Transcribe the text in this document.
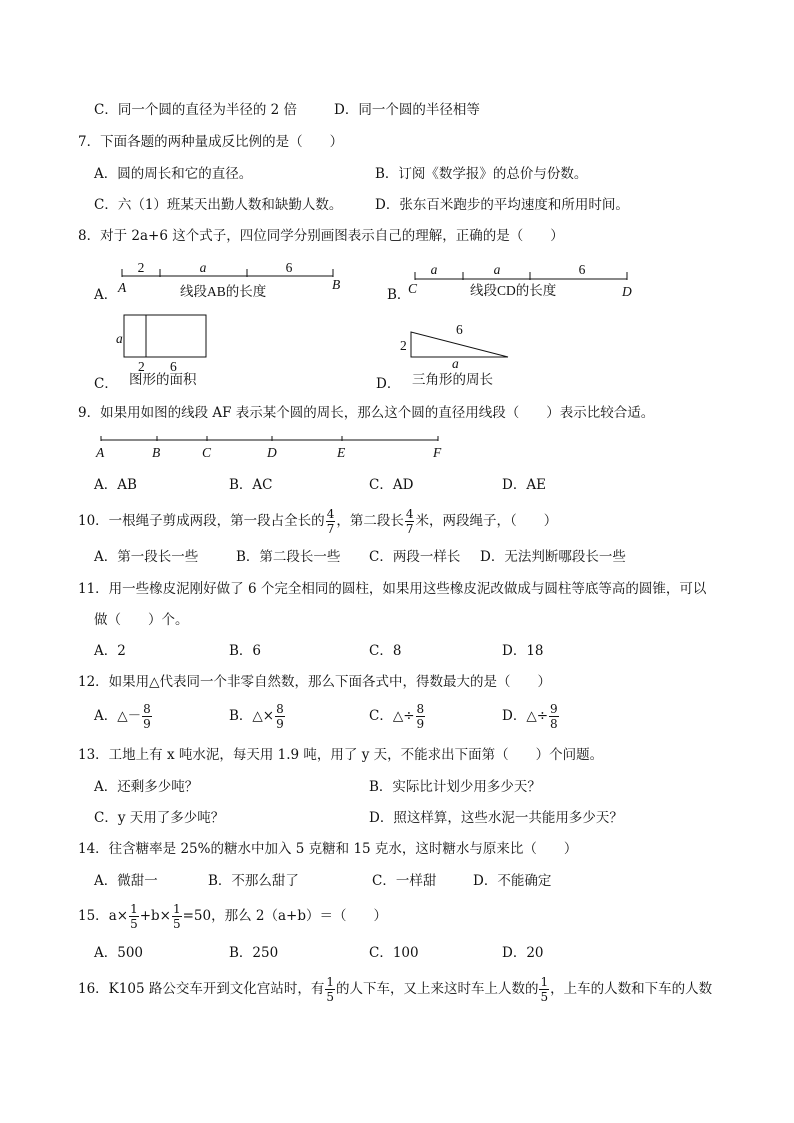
C．同一个圆的直径为半径的 2 倍	D．同一个圆的半径相等
7．下面各题的两种量成反比例的是（　　）
A．圆的周长和它的直径。	B．订阅《数学报》的总价与份数。
C．六（1）班某天出勤人数和缺勤人数。 D．张东百米跑步的平均速度和所用时间。
8．对于 2a+6 这个式子，四位同学分别画图表示自己的理解，正确的是（　　）
A．
2	a	6
A	B
线段AB的长度
a	a	6
C	D
线段CD的长度
a
2 6
图形的面积
6
2
a
三角形的周长
A	B	C	D	E	F
B．
C．	D．
9．如果用如图的线段 AF 表示某个圆的周长，那么这个圆的直径用线段（　　）表示比较合适。
A．AB	B．AC	C．AD	D．AE
10．一根绳子剪成两段，第一段占全长的 $\frac{4}{7}$ ，第二段长 $\frac{4}{7}$ 米，两段绳子，（　　）
A．第一段长一些	B．第二段长一些 C．两段一样长 D．无法判断哪段长一些
11．用一些橡皮泥刚好做了 6 个完全相同的圆柱，如果用这些橡皮泥改做成与圆柱等底等高的圆锥，可以
做（　　）个。
A．2	B．6	C．8	D．18
12．如果用△代表同一个非零自然数，那么下面各式中，得数最大的是（　　）
A．△－ $\frac{8}{9}$	B．△× $\frac{8}{9}$	C．△÷ $\frac{8}{9}$	D．△÷ $\frac{9}{8}$
13．工地上有 x 吨水泥，每天用 1.9 吨，用了 y 天，不能求出下面第（　　）个问题。
A．还剩多少吨？	B．实际比计划少用多少天？
C．y 天用了多少吨？	D．照这样算，这些水泥一共能用多少天？
14．往含糖率是 25%的糖水中加入 5 克糖和 15 克水，这时糖水与原来比（　　）
A．微甜一	B．不那么甜了	C．一样甜	D．不能确定
15．$a\times \frac{1}{5} +b\times \frac{1}{5} =50$，那么 2（a+b）＝（　　）
A．500	B．250	C．100	D．20
16．K105 路公交车开到文化宫站时，有 $\frac{1}{5}$ 的人下车，又上来这时车上人数的 $\frac{1}{5}$ ，上车的人数和下车的人数
